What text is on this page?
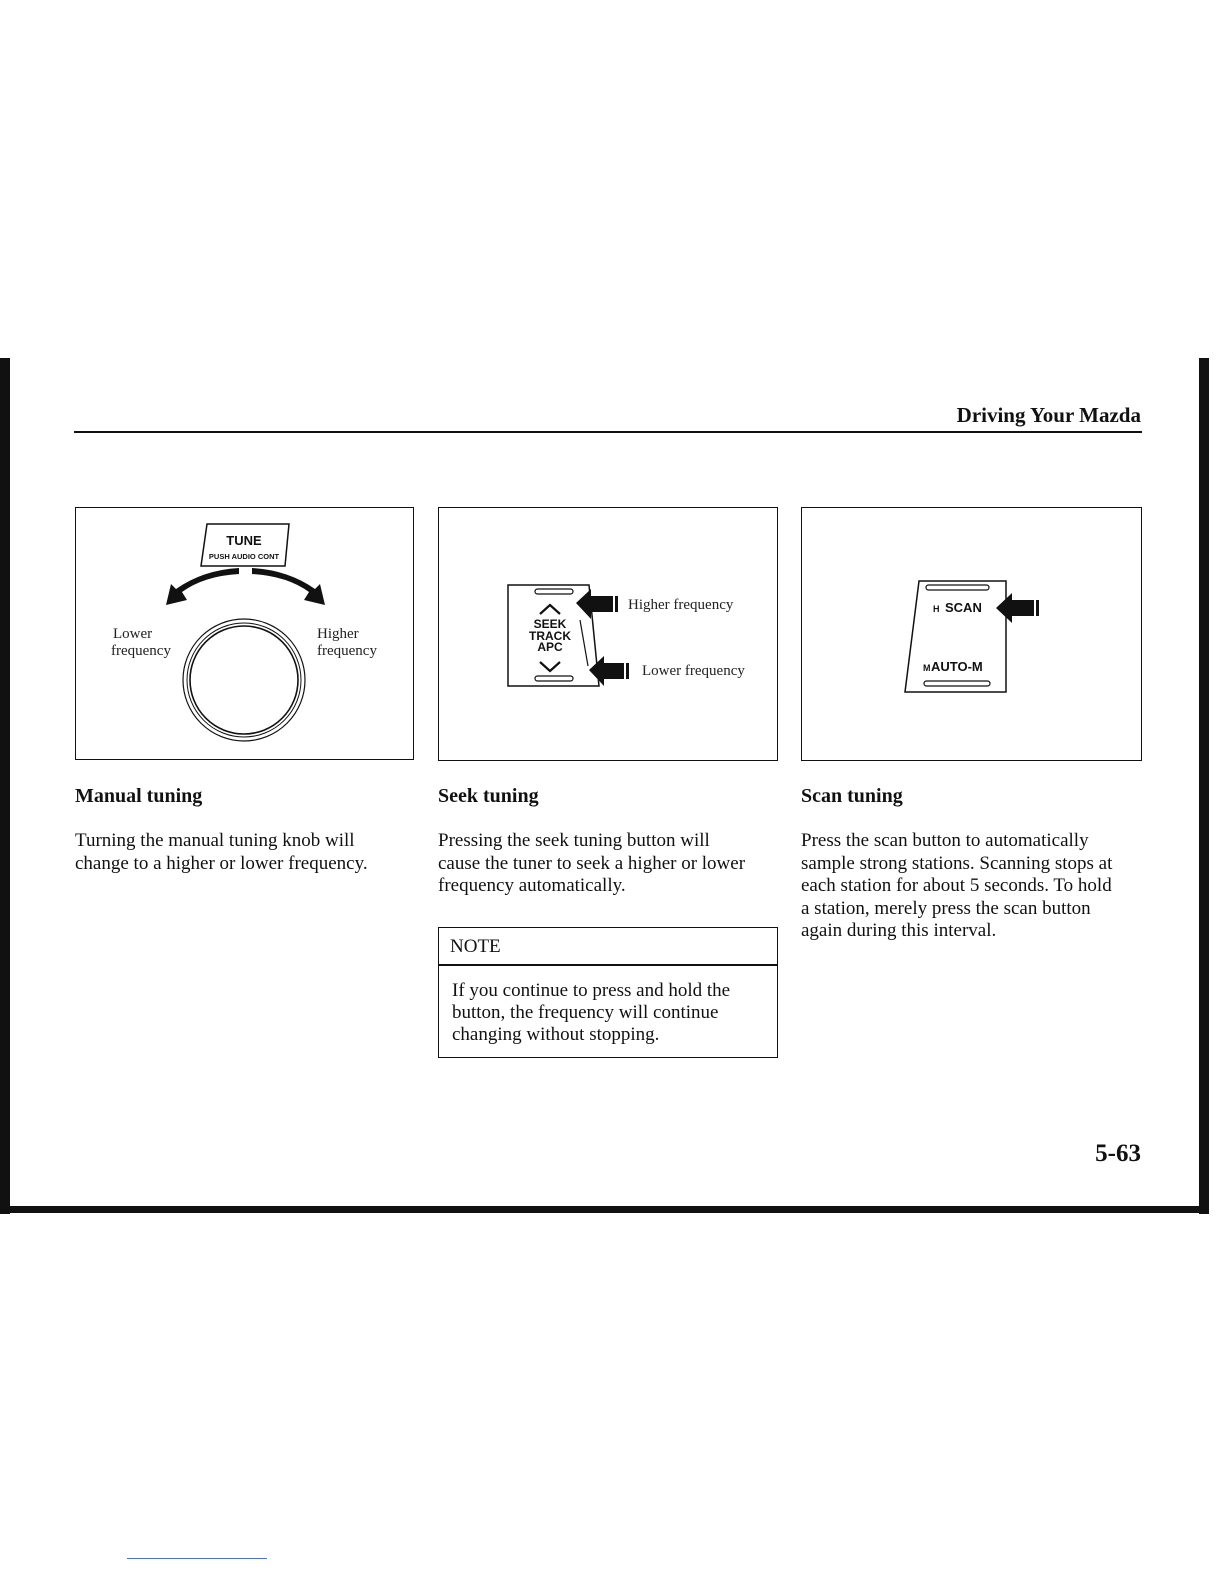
Driving Your Mazda
TUNE
PUSH AUDIO CONT
Lower
frequency
Higher
frequency
SEEK
TRACK
APC
Higher frequency
Lower frequency
H SCAN
M AUTO-M
Manual tuning	Seek tuning	Scan tuning
Turning the manual tuning knob will
change to a higher or lower frequency.
Pressing the seek tuning button will
cause the tuner to seek a higher or lower
frequency automatically.
Press the scan button to automatically
sample strong stations. Scanning stops at
each station for about 5 seconds. To hold
a station, merely press the scan button
again during this interval.
NOTE
If you continue to press and hold the
button, the frequency will continue
changing without stopping.
5-63
